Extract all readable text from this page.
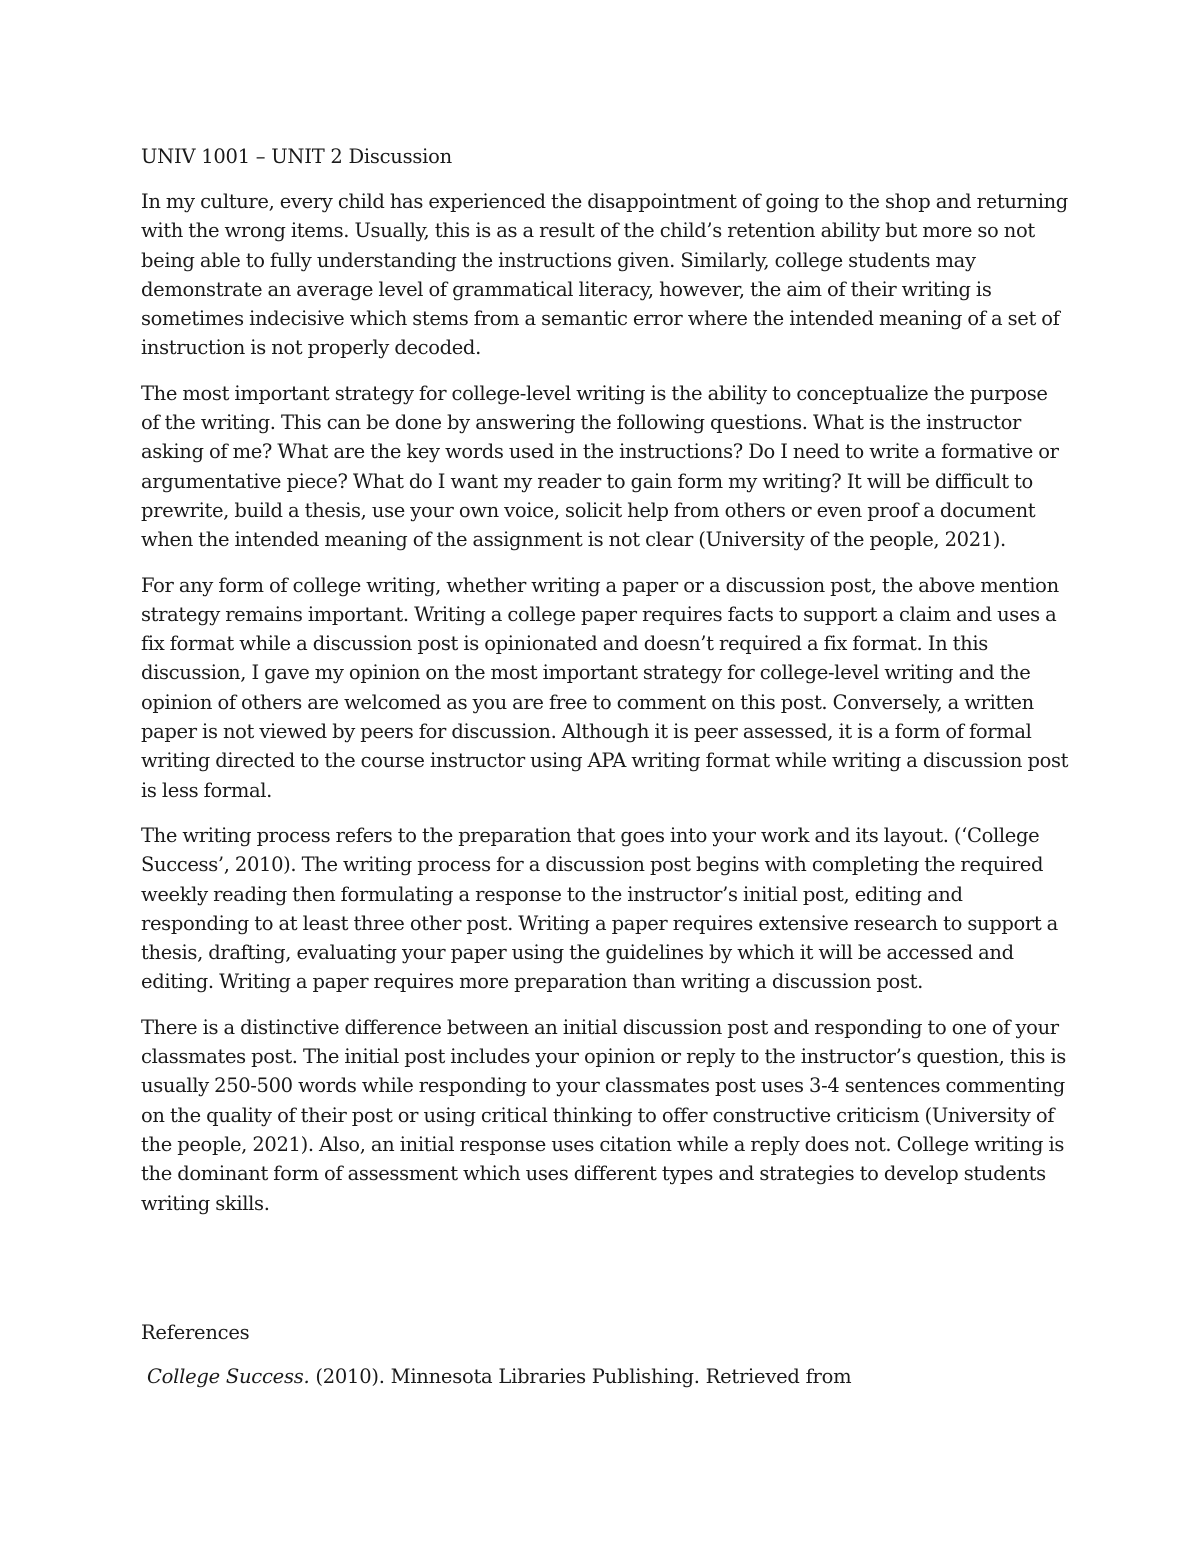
UNIV 1001 – UNIT 2 Discussion

In my culture, every child has experienced the disappointment of going to the shop and returning with the wrong items. Usually, this is as a result of the child’s retention ability but more so not being able to fully understanding the instructions given. Similarly, college students may demonstrate an average level of grammatical literacy, however, the aim of their writing is sometimes indecisive which stems from a semantic error where the intended meaning of a set of instruction is not properly decoded.

The most important strategy for college-level writing is the ability to conceptualize the purpose of the writing. This can be done by answering the following questions. What is the instructor asking of me? What are the key words used in the instructions? Do I need to write a formative or argumentative piece? What do I want my reader to gain form my writing? It will be difficult to prewrite, build a thesis, use your own voice, solicit help from others or even proof a document when the intended meaning of the assignment is not clear (University of the people, 2021).

For any form of college writing, whether writing a paper or a discussion post, the above mention strategy remains important. Writing a college paper requires facts to support a claim and uses a fix format while a discussion post is opinionated and doesn’t required a fix format. In this discussion, I gave my opinion on the most important strategy for college-level writing and the opinion of others are welcomed as you are free to comment on this post. Conversely, a written paper is not viewed by peers for discussion. Although it is peer assessed, it is a form of formal writing directed to the course instructor using APA writing format while writing a discussion post is less formal.

The writing process refers to the preparation that goes into your work and its layout. (‘College Success’, 2010). The writing process for a discussion post begins with completing the required weekly reading then formulating a response to the instructor’s initial post, editing and responding to at least three other post. Writing a paper requires extensive research to support a thesis, drafting, evaluating your paper using the guidelines by which it will be accessed and editing. Writing a paper requires more preparation than writing a discussion post.

There is a distinctive difference between an initial discussion post and responding to one of your classmates post. The initial post includes your opinion or reply to the instructor’s question, this is usually 250-500 words while responding to your classmates post uses 3-4 sentences commenting on the quality of their post or using critical thinking to offer constructive criticism (University of the people, 2021). Also, an initial response uses citation while a reply does not. College writing is the dominant form of assessment which uses different types and strategies to develop students writing skills.

References

College Success. (2010). Minnesota Libraries Publishing. Retrieved from
